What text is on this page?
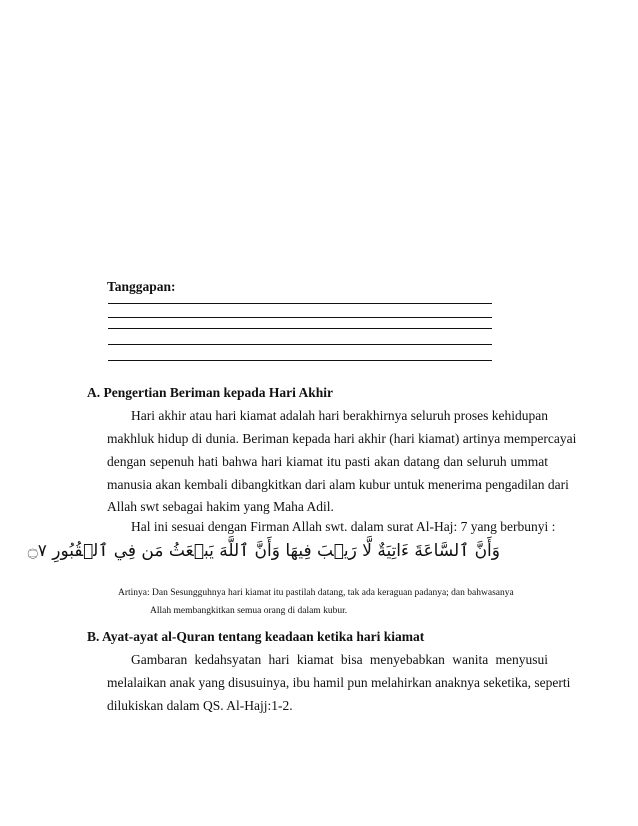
Tanggapan:
A. Pengertian Beriman kepada Hari Akhir
Hari akhir atau hari kiamat adalah hari berakhirnya seluruh proses kehidupan
makhluk hidup di dunia. Beriman kepada hari akhir (hari kiamat) artinya mempercayai
dengan sepenuh hati bahwa hari kiamat itu pasti akan datang dan seluruh ummat
manusia akan kembali dibangkitkan dari alam kubur untuk menerima pengadilan dari
Allah swt sebagai hakim yang Maha Adil.
Hal ini sesuai dengan Firman Allah swt. dalam surat Al-Haj: 7 yang berbunyi :
وَأَنَّ ٱلسَّاعَةَ ءَاتِيَةٌ لَّا رَيۡبَ فِيهَا وَأَنَّ ٱللَّهَ يَبۡعَثُ مَن فِي ٱلۡقُبُورِ ۝٧
Artinya: Dan Sesungguhnya hari kiamat itu pastilah datang, tak ada keraguan padanya; dan bahwasanya
Allah membangkitkan semua orang di dalam kubur.
B. Ayat-ayat al-Quran tentang keadaan ketika hari kiamat
Gambaran kedahsyatan hari kiamat bisa menyebabkan wanita menyusui
melalaikan anak yang disusuinya, ibu hamil pun melahirkan anaknya seketika, seperti
dilukiskan dalam QS. Al-Hajj:1-2.
